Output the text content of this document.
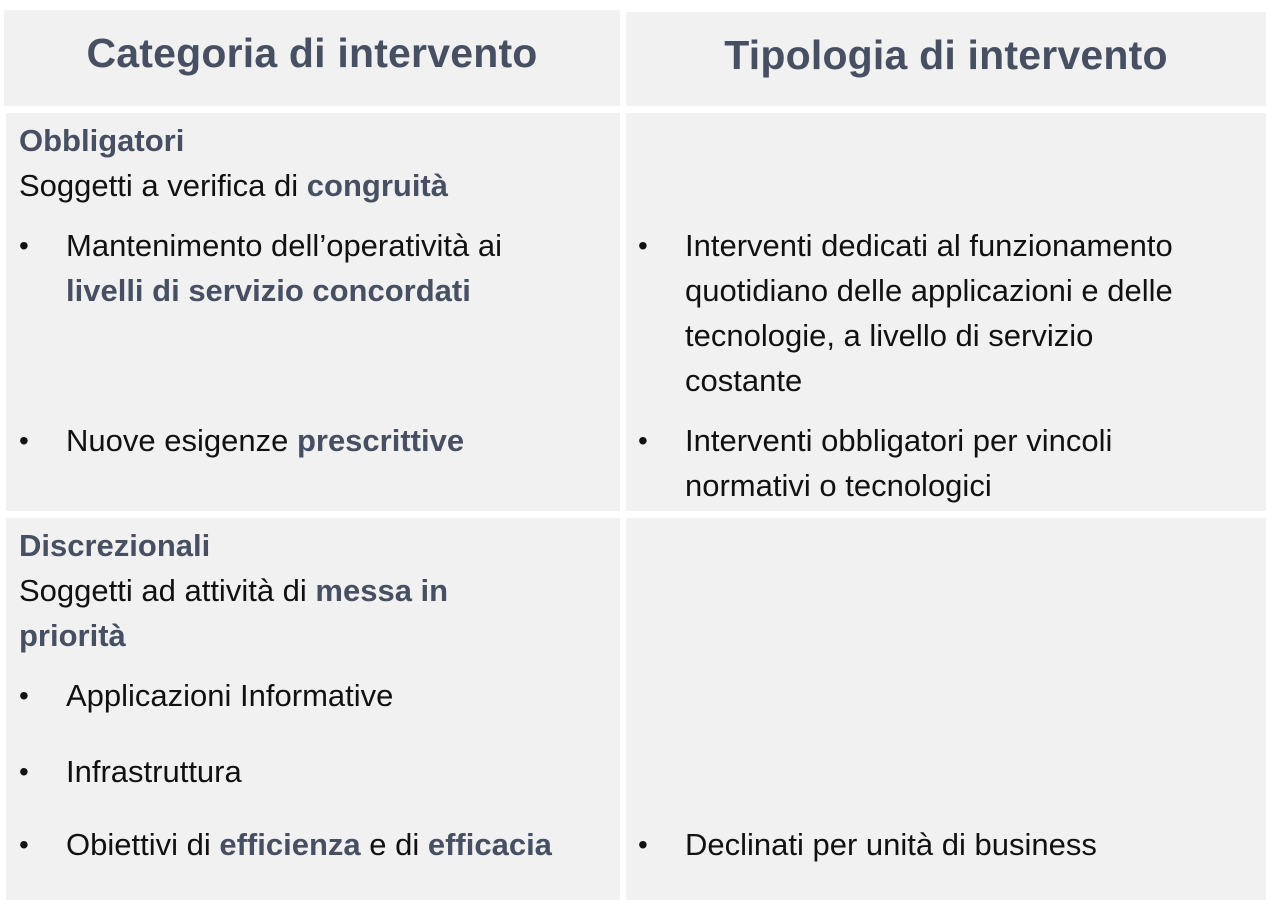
Categoria di intervento	Tipologia di intervento
Obbligatori
Soggetti a verifica di congruità
• Mantenimento dell’operatività ai
livelli di servizio concordati
• Nuove esigenze prescrittive
• Interventi dedicati al funzionamento
quotidiano delle applicazioni e delle
tecnologie, a livello di servizio
costante
• Interventi obbligatori per vincoli
normativi o tecnologici
Discrezionali
Soggetti ad attività di messa in
priorità
• Applicazioni Informative
• Infrastruttura
• Obiettivi di efficienza e di efficacia	• Declinati per unità di business
